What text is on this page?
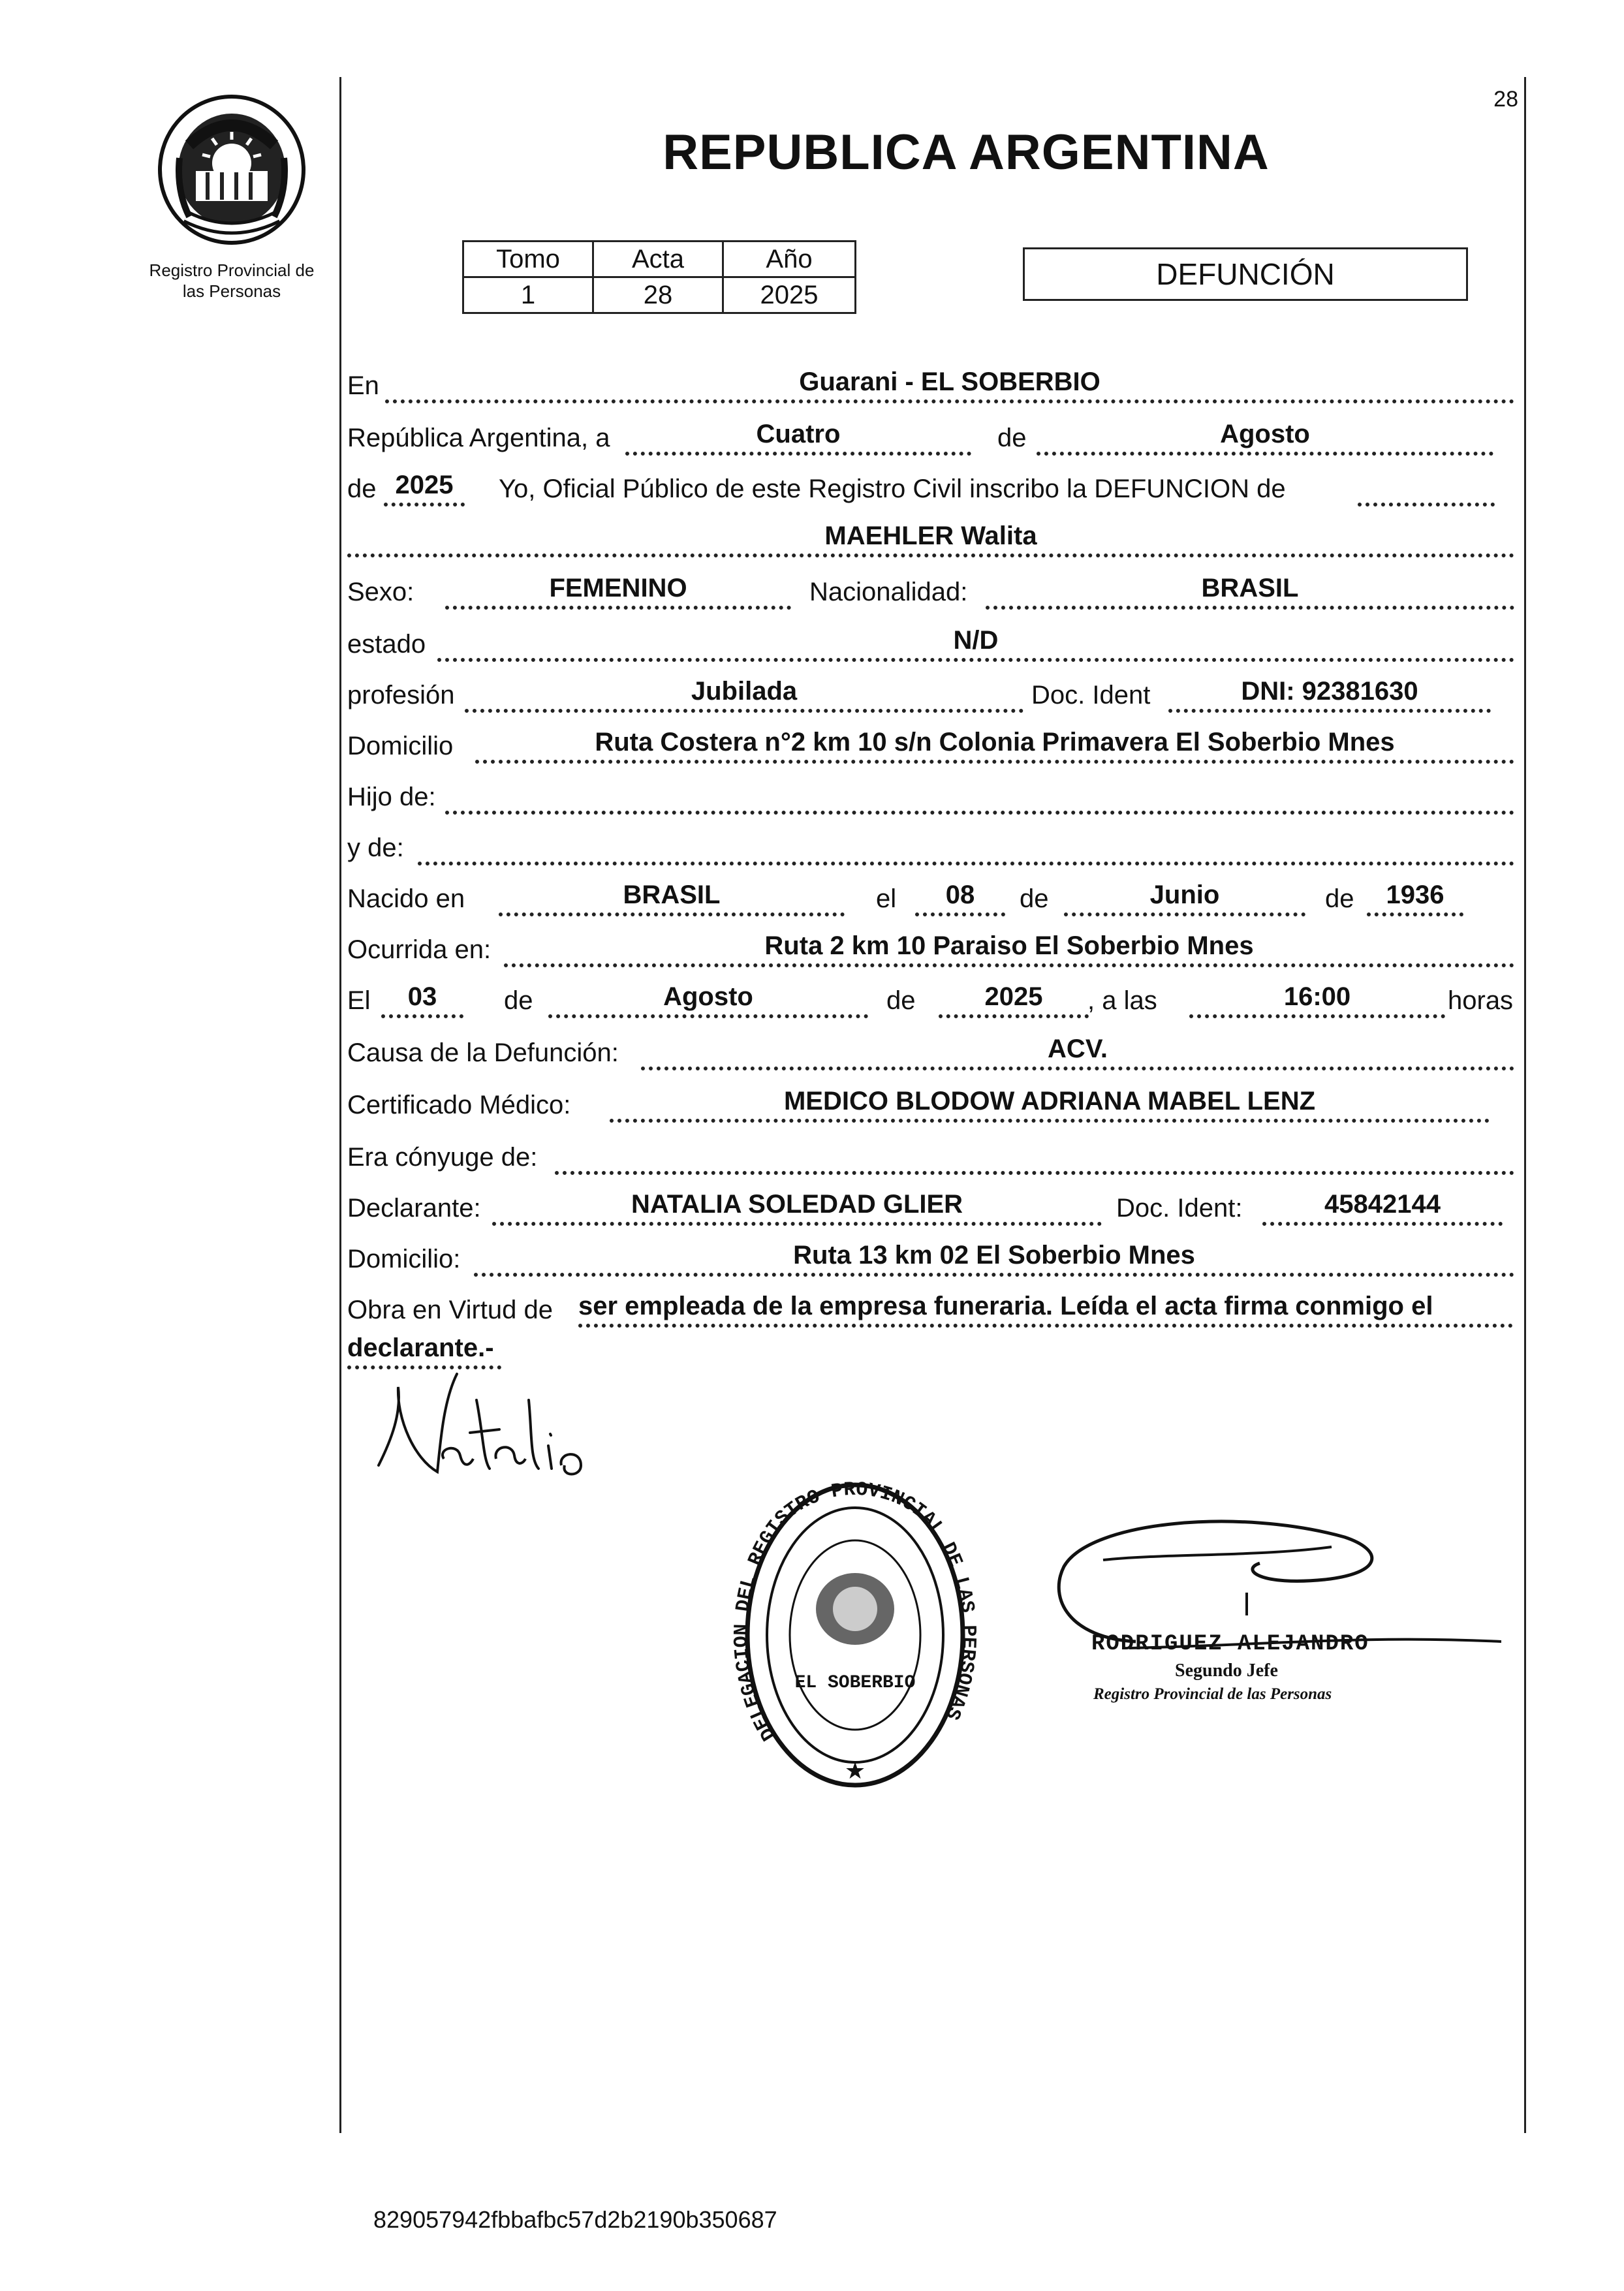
Registro Provincial de
las Personas
28
REPUBLICA ARGENTINA
Tomo	Acta	Año
1	28	2025
DEFUNCIÓN
En	Guarani - EL SOBERBIO
República Argentina, a	Cuatro	de	Agosto
de 2025	Yo, Oficial Público de este Registro Civil inscribo la DEFUNCION de
MAEHLER Walita
Sexo:	FEMENINO	Nacionalidad:	BRASIL
estado	N/D
profesión	Jubilada	Doc. Ident	DNI: 92381630
Domicilio	Ruta Costera n°2 km 10 s/n Colonia Primavera El Soberbio Mnes
Hijo de:
y de:
Nacido en	BRASIL	el	08	de	Junio	de	1936
Ocurrida en:	Ruta 2 km 10 Paraiso El Soberbio Mnes
El	03	de	Agosto	de	2025	, a las	16:00	horas
Causa de la Defunción:	ACV.
Certificado Médico:	MEDICO BLODOW ADRIANA MABEL LENZ
Era cónyuge de:
Declarante:	NATALIA SOLEDAD GLIER	Doc. Ident:	45842144
Domicilio:	Ruta 13 km 02 El Soberbio Mnes
Obra en Virtud de ser empleada de la empresa funeraria. Leída el acta firma conmigo el
declarante.-
DELEGACION DEL REGISTRO PROVINCIAL DE LAS PERSONAS
EL SOBERBIO
★
RODRIGUEZ ALEJANDRO
Segundo Jefe
Registro Provincial de las Personas
829057942fbbafbc57d2b2190b350687
